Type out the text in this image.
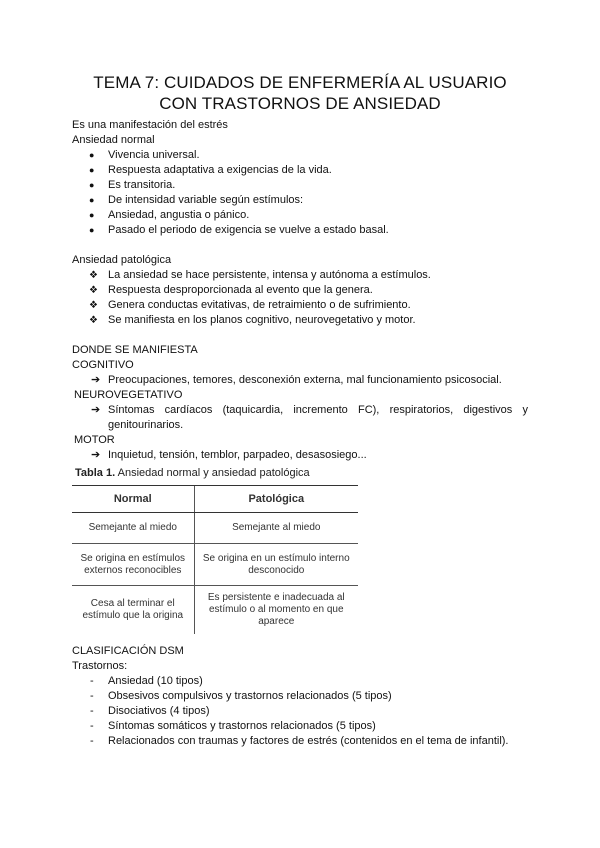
TEMA 7: CUIDADOS DE ENFERMERÍA AL USUARIO CON TRASTORNOS DE ANSIEDAD

Es una manifestación del estrés

Ansiedad normal

● Vivencia universal.
● Respuesta adaptativa a exigencias de la vida.
● Es transitoria.
● De intensidad variable según estímulos:
● Ansiedad, angustia o pánico.
● Pasado el periodo de exigencia se vuelve a estado basal.

Ansiedad patológica

❖ La ansiedad se hace persistente, intensa y autónoma a estímulos.
❖ Respuesta desproporcionada al evento que la genera.
❖ Genera conductas evitativas, de retraimiento o de sufrimiento.
❖ Se manifiesta en los planos cognitivo, neurovegetativo y motor.

DONDE SE MANIFIESTA

COGNITIVO

➔ Preocupaciones, temores, desconexión externa, mal funcionamiento psicosocial.

NEUROVEGETATIVO

➔ Síntomas cardíacos (taquicardia, incremento FC), respiratorios, digestivos y genitourinarios.

MOTOR

➔ Inquietud, tensión, temblor, parpadeo, desasosiego...
Tabla 1. Ansiedad normal y ansiedad patológica
Normal	Patológica
Semejante al miedo	Semejante al miedo
Se origina en estímulos externos reconocibles	Se origina en un estímulo interno desconocido
Cesa al terminar el estímulo que la origina	Es persistente e inadecuada al estímulo o al momento en que aparece

CLASIFICACIÓN DSM

Trastornos:

- Ansiedad (10 tipos)
- Obsesivos compulsivos y trastornos relacionados (5 tipos)
- Disociativos (4 tipos)
- Síntomas somáticos y trastornos relacionados (5 tipos)
- Relacionados con traumas y factores de estrés (contenidos en el tema de infantil).
